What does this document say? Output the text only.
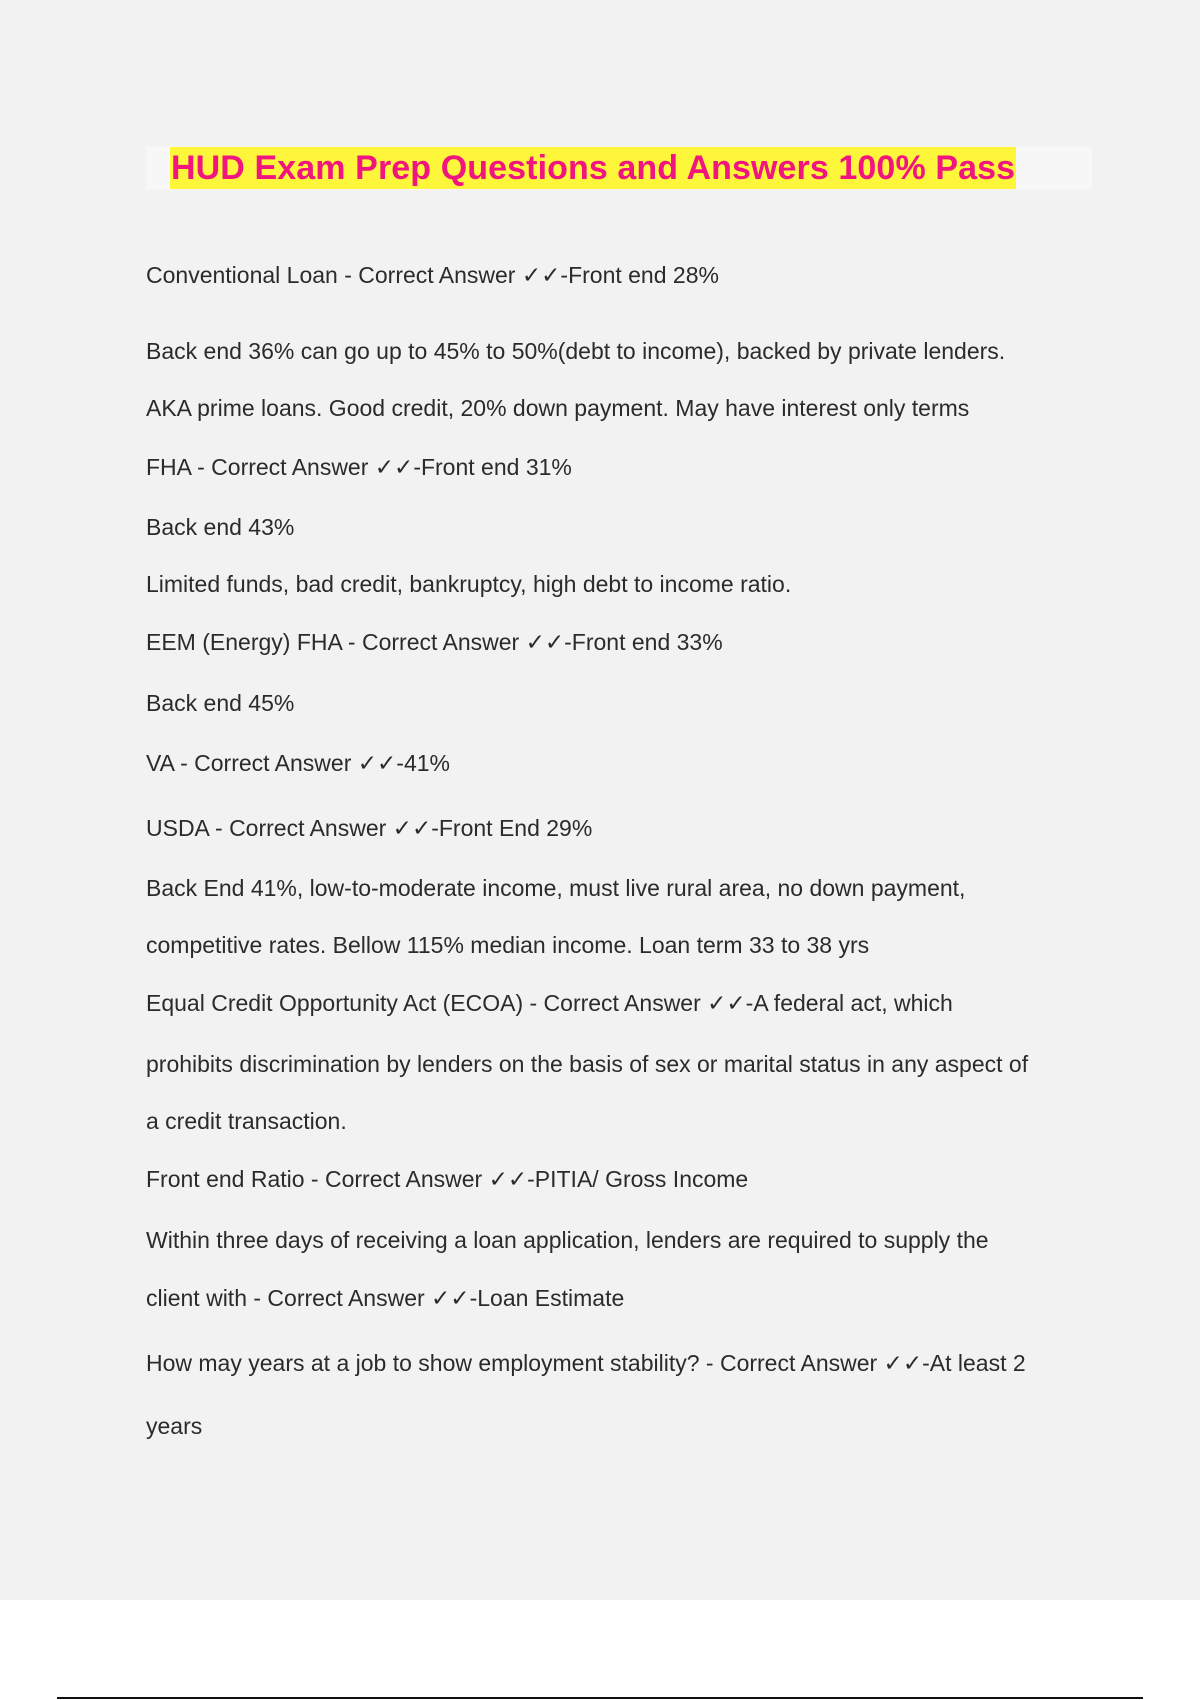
HUD Exam Prep Questions and Answers 100% Pass
Conventional Loan - Correct Answer ✓✓-Front end 28%
Back end 36% can go up to 45% to 50%(debt to income), backed by private lenders.
AKA prime loans. Good credit, 20% down payment. May have interest only terms
FHA - Correct Answer ✓✓-Front end 31%
Back end 43%
Limited funds, bad credit, bankruptcy, high debt to income ratio.
EEM (Energy) FHA - Correct Answer ✓✓-Front end 33%
Back end 45%
VA - Correct Answer ✓✓-41%
USDA - Correct Answer ✓✓-Front End 29%
Back End 41%, low-to-moderate income, must live rural area, no down payment,
competitive rates. Bellow 115% median income. Loan term 33 to 38 yrs
Equal Credit Opportunity Act (ECOA) - Correct Answer ✓✓-A federal act, which
prohibits discrimination by lenders on the basis of sex or marital status in any aspect of
a credit transaction.
Front end Ratio - Correct Answer ✓✓-PITIA/ Gross Income
Within three days of receiving a loan application, lenders are required to supply the
client with - Correct Answer ✓✓-Loan Estimate
How may years at a job to show employment stability? - Correct Answer ✓✓-At least 2
years
